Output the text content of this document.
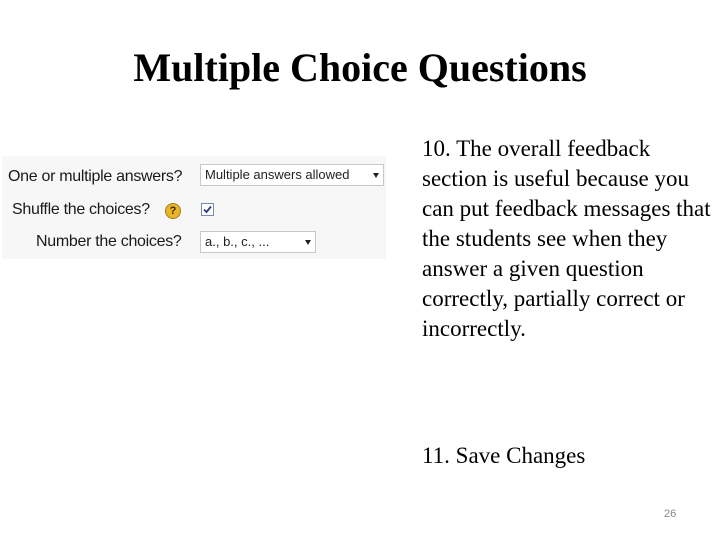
Multiple Choice Questions
One or multiple answers?	Multiple answers allowed
Shuffle the choices?	?
Number the choices?	a., b., c., ...

10. The overall feedback section is useful because you can put feedback messages that the students see when they answer a given question correctly, partially correct or incorrectly.

11. Save Changes

26
